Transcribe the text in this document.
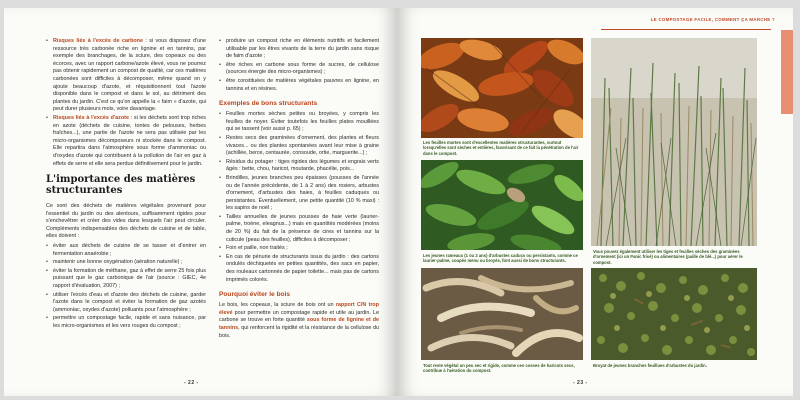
• Risques liés à l'excès de carbone : si vous disposez d'une ressource très carbonée riche en lignine et en tannins, par exemple des branchages, de la sciure, des copeaux ou des écorces, avec un rapport carbone/azote élevé, vous ne pourrez pas obtenir rapidement un compost de qualité, car ces matières carbonées sont difficiles à décomposer, même quand on y ajoute beaucoup d'azote, et réquisitionnent tout l'azote disponible dans le compost et dans le sol, au détriment des plantes du jardin. C'est ce qu'on appelle la « faim » d'azote, qui peut durer plusieurs mois, voire davantage.

• Risques liés à l'excès d'azote : si les déchets sont trop riches en azote (déchets de cuisine, tontes de pelouses, herbes fraîches...), une partie de l'azote ne sera pas utilisée par les micro-organismes décomposeurs ni stockée dans le compost. Elle repartira dans l'atmosphère sous forme d'ammoniac ou d'oxydes d'azote qui contribuent à la pollution de l'air en gaz à effets de serre et elle sera perdue définitivement pour le jardin.

L'importance des matières structurantes

Ce sont des déchets de matières végétales provenant pour l'essentiel du jardin ou des alentours, suffisamment rigides pour s'enchevêtrer et créer des vides dans lesquels l'air peut circuler. Compléments indispensables des déchets de cuisine et de table, elles doivent :

• éviter aux déchets de cuisine de se tasser et d'entrer en fermentation anaérobie ;
• maintenir une bonne oxygénation (aération naturelle) ;
• éviter la formation de méthane, gaz à effet de serre 25 fois plus puissant que le gaz carbonique de l'air (source : GIEC, 4e rapport d'évaluation, 2007) ;
• utiliser l'excès d'eau et d'azote des déchets de cuisine, garder l'azote dans le compost et éviter la formation de gaz azotés (ammoniac, oxydes d'azote) polluants pour l'atmosphère ;
• permettre un compostage facile, rapide et sans nuisance, par les micro-organismes et les vers rouges du compost ;
• produire un compost riche en éléments nutritifs et facilement utilisable par les êtres vivants de la terre du jardin sans risque de faim d'azote ;
• être riches en carbone sous forme de sucres, de cellulose (sources énergie des micro-organismes) ;
• être constituées de matières végétales pauvres en lignine, en tannins et en résines.
Exemples de bons structurants
• Feuilles mortes sèches petites ou broyées, y compris les feuilles de noyer. Éviter toutefois les feuilles plates mouillées qui se tassent (voir aussi p. 65) ;
• Restes secs des graminées d'ornement, des plantes et fleurs vivaces... ou des plantes spontanées avant leur mise à graine (achillée, berce, centaurée, consoude, ortie, marguerite...) ;
• Résidus du potager : tiges rigides des légumes et engrais verts âgés : bette, chou, haricot, moutarde, phacélie, pois...
• Brindilles, jeunes branches peu épaisses (pousses de l'année ou de l'année précédente, de 1 à 2 ans) des rosiers, arbustes d'ornement, d'arbustes des haies, à feuilles caduques ou persistantes. Éventuellement, une petite quantité (10 % maxi) : les sapins de noël ;
• Tailles annuelles de jeunes pousses de haie verte (laurier-palme, troène, eleagnus...) mais en quantités modérées (moins de 20 %) du fait de la présence de cires et tannins sur la cuticule (peau des feuilles), difficiles à décomposer ;
• Foin et paille, non traités ;
• En cas de pénurie de structurants issus du jardin : des cartons ondulés déchiquetés en petites quantités, des sacs en papier, des rouleaux cartonnés de papier toilette... mais pas de cartons imprimés colorés.
Pourquoi éviter le bois

Le bois, les copeaux, la sciure de bois ont un rapport C/N trop élevé pour permettre un compostage rapide et utile au jardin. Le carbone se trouve en forte quantité sous forme de lignine et de tannins, qui renforcent la rigidité et la résistance de la cellulose du bois.

- 22 -
LE COMPOSTAGE FACILE, COMMENT ÇA MARCHE ?
Les feuilles mortes sont d'excellentes matières structurantes, surtout lorsqu'elles sont sèches et entières, favorisant de ce fait la pénétration de l'air dans le compost.
Les jeunes rameaux (1 ou 2 ans) d'arbustes caducs ou persistants, comme ce laurier-palme, coupés menu ou broyés, font aussi de bons structurants.
Tout reste végétal un peu sec et rigide, comme ces cosses de haricots secs, contribue à l'aération du compost.
Vous pouvez également utiliser les tiges et feuilles sèches des graminées d'ornement (ici un Panic frisé) ou alimentaires (paille de blé...) pour aérer le compost.
Broyat de jeunes branches feuillues d'arbustes du jardin.
- 23 -
